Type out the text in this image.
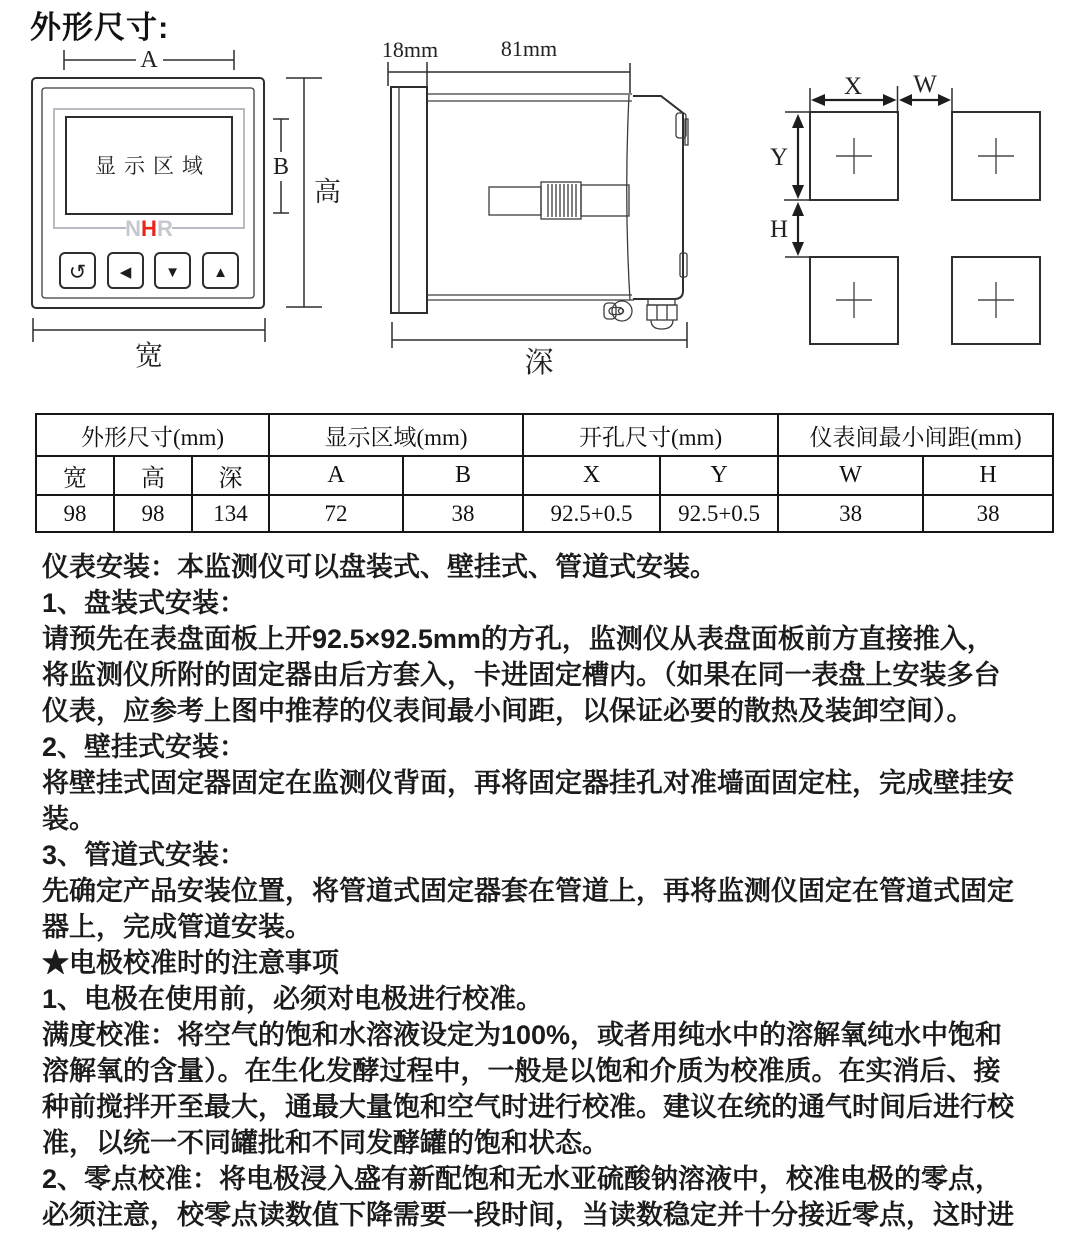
外形尺寸:
显示区域
NHR
↺ ◀ ▼ ▲
A
高
B
宽
18mm	81mm
深
X W
Y
H
外形尺寸(mm)			显示区域(mm)		开孔尺寸(mm)		仪表间最小间距(mm)	
宽	高	深	A	B	X	Y	W	H
98	98	134	72	38	92.5+0.5	92.5+0.5	38	38
仪表安装：本监测仪可以盘装式、壁挂式、管道式安装。
1、盘装式安装：
请预先在表盘面板上开92.5×92.5mm的方孔，监测仪从表盘面板前方直接推入，
将监测仪所附的固定器由后方套入，卡进固定槽内。（如果在同一表盘上安装多台
仪表，应参考上图中推荐的仪表间最小间距，以保证必要的散热及装卸空间）。
2、壁挂式安装：
将壁挂式固定器固定在监测仪背面，再将固定器挂孔对准墙面固定柱，完成壁挂安
装。
3、管道式安装：
先确定产品安装位置，将管道式固定器套在管道上，再将监测仪固定在管道式固定
器上，完成管道安装。
★电极校准时的注意事项
1、电极在使用前，必须对电极进行校准。
满度校准：将空气的饱和水溶液设定为100%，或者用纯水中的溶解氧纯水中饱和
溶解氧的含量）。在生化发酵过程中，一般是以饱和介质为校准质。在实消后、接
种前搅拌开至最大，通最大量饱和空气时进行校准。建议在统的通气时间后进行校
准，以统一不同罐批和不同发酵罐的饱和状态。
2、零点校准：将电极浸入盛有新配饱和无水亚硫酸钠溶液中，校准电极的零点，
必须注意，校零点读数值下降需要一段时间，当读数稳定并十分接近零点，这时进
